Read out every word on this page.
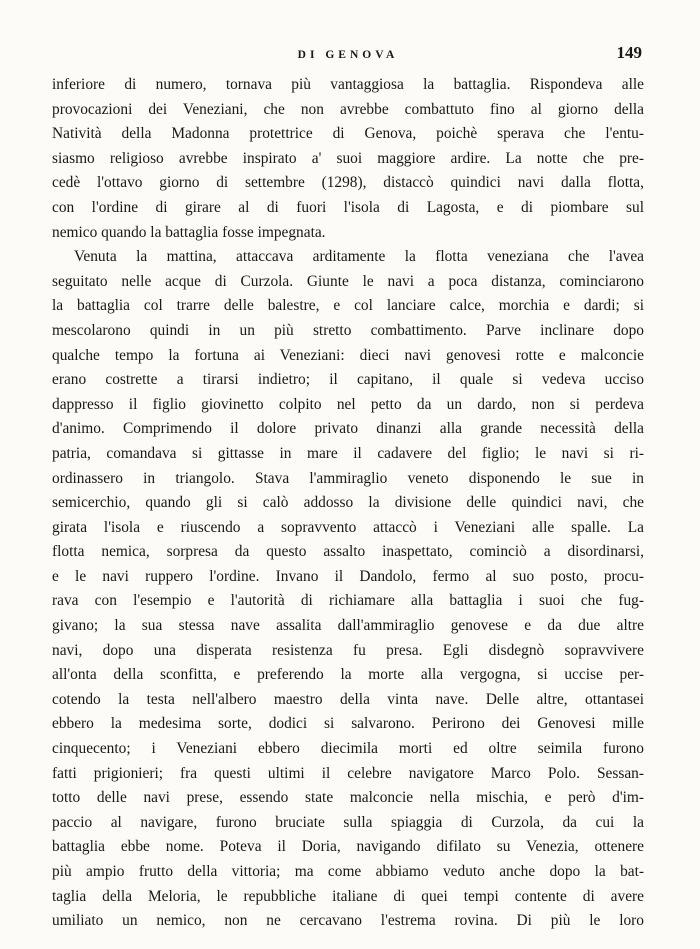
DI GENOVA	149
inferiore di numero, tornava più vantaggiosa la battaglia. Rispondeva alle
provocazioni dei Veneziani, che non avrebbe combattuto fino al giorno della
Natività della Madonna protettrice di Genova, poichè sperava che l'entu-
siasmo religioso avrebbe inspirato a' suoi maggiore ardire. La notte che pre-
cedè l'ottavo giorno di settembre (1298), distaccò quindici navi dalla flotta,
con l'ordine di girare al di fuori l'isola di Lagosta, e di piombare sul
nemico quando la battaglia fosse impegnata.
Venuta la mattina, attaccava arditamente la flotta veneziana che l'avea
seguitato nelle acque di Curzola. Giunte le navi a poca distanza, cominciarono
la battaglia col trarre delle balestre, e col lanciare calce, morchia e dardi; si
mescolarono quindi in un più stretto combattimento. Parve inclinare dopo
qualche tempo la fortuna ai Veneziani: dieci navi genovesi rotte e malconcie
erano costrette a tirarsi indietro; il capitano, il quale si vedeva ucciso
dappresso il figlio giovinetto colpito nel petto da un dardo, non si perdeva
d'animo. Comprimendo il dolore privato dinanzi alla grande necessità della
patria, comandava si gittasse in mare il cadavere del figlio; le navi si ri-
ordinassero in triangolo. Stava l'ammiraglio veneto disponendo le sue in
semicerchio, quando gli si calò addosso la divisione delle quindici navi, che
girata l'isola e riuscendo a sopravvento attaccò i Veneziani alle spalle. La
flotta nemica, sorpresa da questo assalto inaspettato, cominciò a disordinarsi,
e le navi ruppero l'ordine. Invano il Dandolo, fermo al suo posto, procu-
rava con l'esempio e l'autorità di richiamare alla battaglia i suoi che fug-
givano; la sua stessa nave assalita dall'ammiraglio genovese e da due altre
navi, dopo una disperata resistenza fu presa. Egli disdegnò sopravvivere
all'onta della sconfitta, e preferendo la morte alla vergogna, si uccise per-
cotendo la testa nell'albero maestro della vinta nave. Delle altre, ottantasei
ebbero la medesima sorte, dodici si salvarono. Perirono dei Genovesi mille
cinquecento; i Veneziani ebbero diecimila morti ed oltre seimila furono
fatti prigionieri; fra questi ultimi il celebre navigatore Marco Polo. Sessan-
totto delle navi prese, essendo state malconcie nella mischia, e però d'im-
paccio al navigare, furono bruciate sulla spiaggia di Curzola, da cui la
battaglia ebbe nome. Poteva il Doria, navigando difilato su Venezia, ottenere
più ampio frutto della vittoria; ma come abbiamo veduto anche dopo la bat-
taglia della Meloria, le repubbliche italiane di quei tempi contente di avere
umiliato un nemico, non ne cercavano l'estrema rovina. Di più le loro
